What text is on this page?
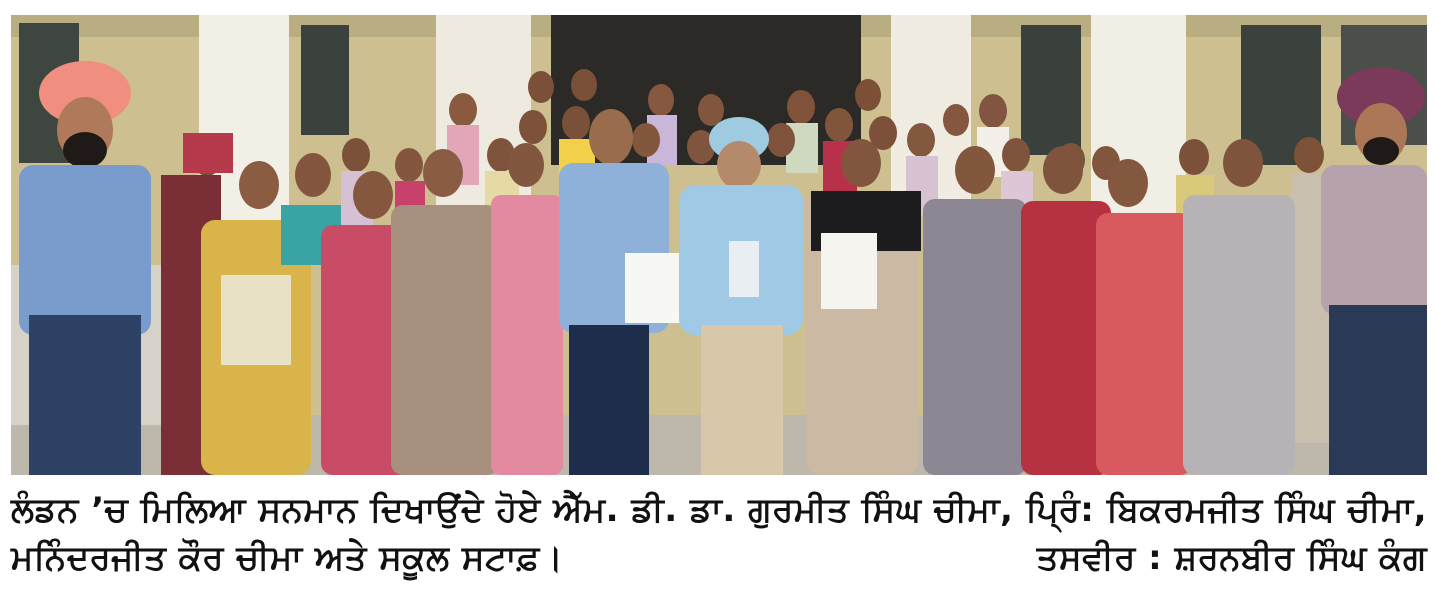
ਲੰਡਨ ’ਚ ਮਿਲਿਆ ਸਨਮਾਨ ਦਿਖਾਉਂਦੇ ਹੋਏ ਐੱਮ. ਡੀ. ਡਾ. ਗੁਰਮੀਤ ਸਿੰਘ ਚੀਮਾ, ਪ੍ਰਿੰ: ਬਿਕਰਮਜੀਤ ਸਿੰਘ ਚੀਮਾ,
ਮਨਿੰਦਰਜੀਤ ਕੌਰ ਚੀਮਾ ਅਤੇ ਸਕੂਲ ਸਟਾਫ਼।	ਤਸਵੀਰ : ਸ਼ਰਨਬੀਰ ਸਿੰਘ ਕੰਗ
